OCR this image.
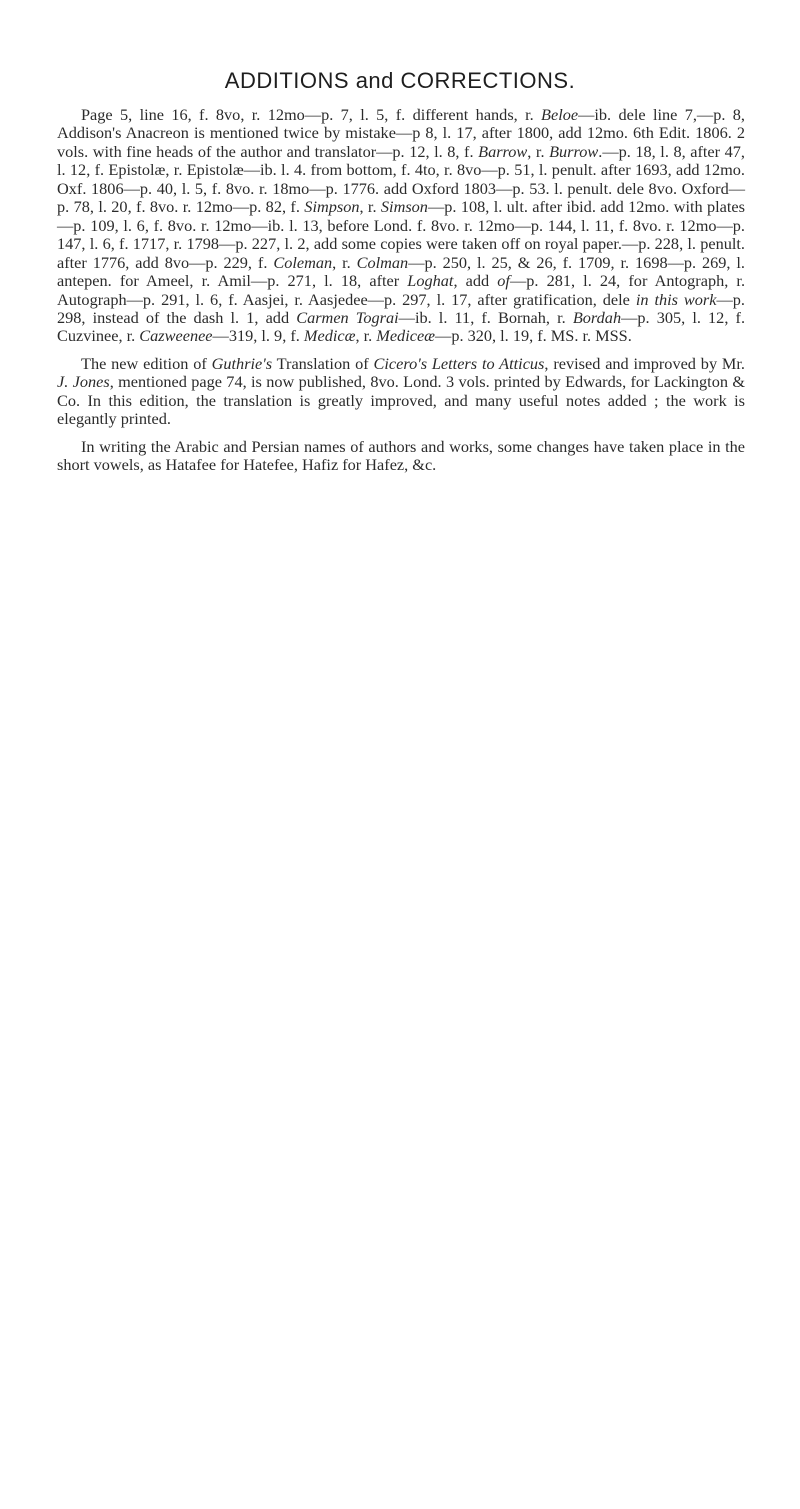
ADDITIONS and CORRECTIONS.

Page 5, line 16, f. 8vo, r. 12mo—p. 7, l. 5, f. different hands, r. Beloe—ib. dele line 7,—p. 8, Addison's Anacreon is mentioned twice by mistake—p 8, l. 17, after 1800, add 12mo. 6th Edit. 1806. 2 vols. with fine heads of the author and translator—p. 12, l. 8, f. Barrow, r. Burrow.—p. 18, l. 8, after 47, l. 12, f. Epistolæ, r. Epistolæ—ib. l. 4. from bottom, f. 4to, r. 8vo—p. 51, l. penult. after 1693, add 12mo. Oxf. 1806—p. 40, l. 5, f. 8vo. r. 18mo—p. 1776. add Oxford 1803—p. 53. l. penult. dele 8vo. Oxford—p. 78, l. 20, f. 8vo. r. 12mo—p. 82, f. Simpson, r. Simson—p. 108, l. ult. after ibid. add 12mo. with plates—p. 109, l. 6, f. 8vo. r. 12mo—ib. l. 13, before Lond. f. 8vo. r. 12mo—p. 144, l. 11, f. 8vo. r. 12mo—p. 147, l. 6, f. 1717, r. 1798—p. 227, l. 2, add some copies were taken off on royal paper.—p. 228, l. penult. after 1776, add 8vo—p. 229, f. Coleman, r. Colman—p. 250, l. 25, & 26, f. 1709, r. 1698—p. 269, l. antepen. for Ameel, r. Amil—p. 271, l. 18, after Loghat, add of—p. 281, l. 24, for Antograph, r. Autograph—p. 291, l. 6, f. Aasjei, r. Aasjedee—p. 297, l. 17, after gratification, dele in this work—p. 298, instead of the dash l. 1, add Carmen Tograi—ib. l. 11, f. Bornah, r. Bordah—p. 305, l. 12, f. Cuzvinee, r. Cazweenee—319, l. 9, f. Medicæ, r. Mediceæ—p. 320, l. 19, f. MS. r. MSS.

The new edition of Guthrie's Translation of Cicero's Letters to Atticus, revised and improved by Mr. J. Jones, mentioned page 74, is now published, 8vo. Lond. 3 vols. printed by Edwards, for Lackington & Co. In this edition, the translation is greatly improved, and many useful notes added ; the work is elegantly printed.

In writing the Arabic and Persian names of authors and works, some changes have taken place in the short vowels, as Hatafee for Hatefee, Hafiz for Hafez, &c.
